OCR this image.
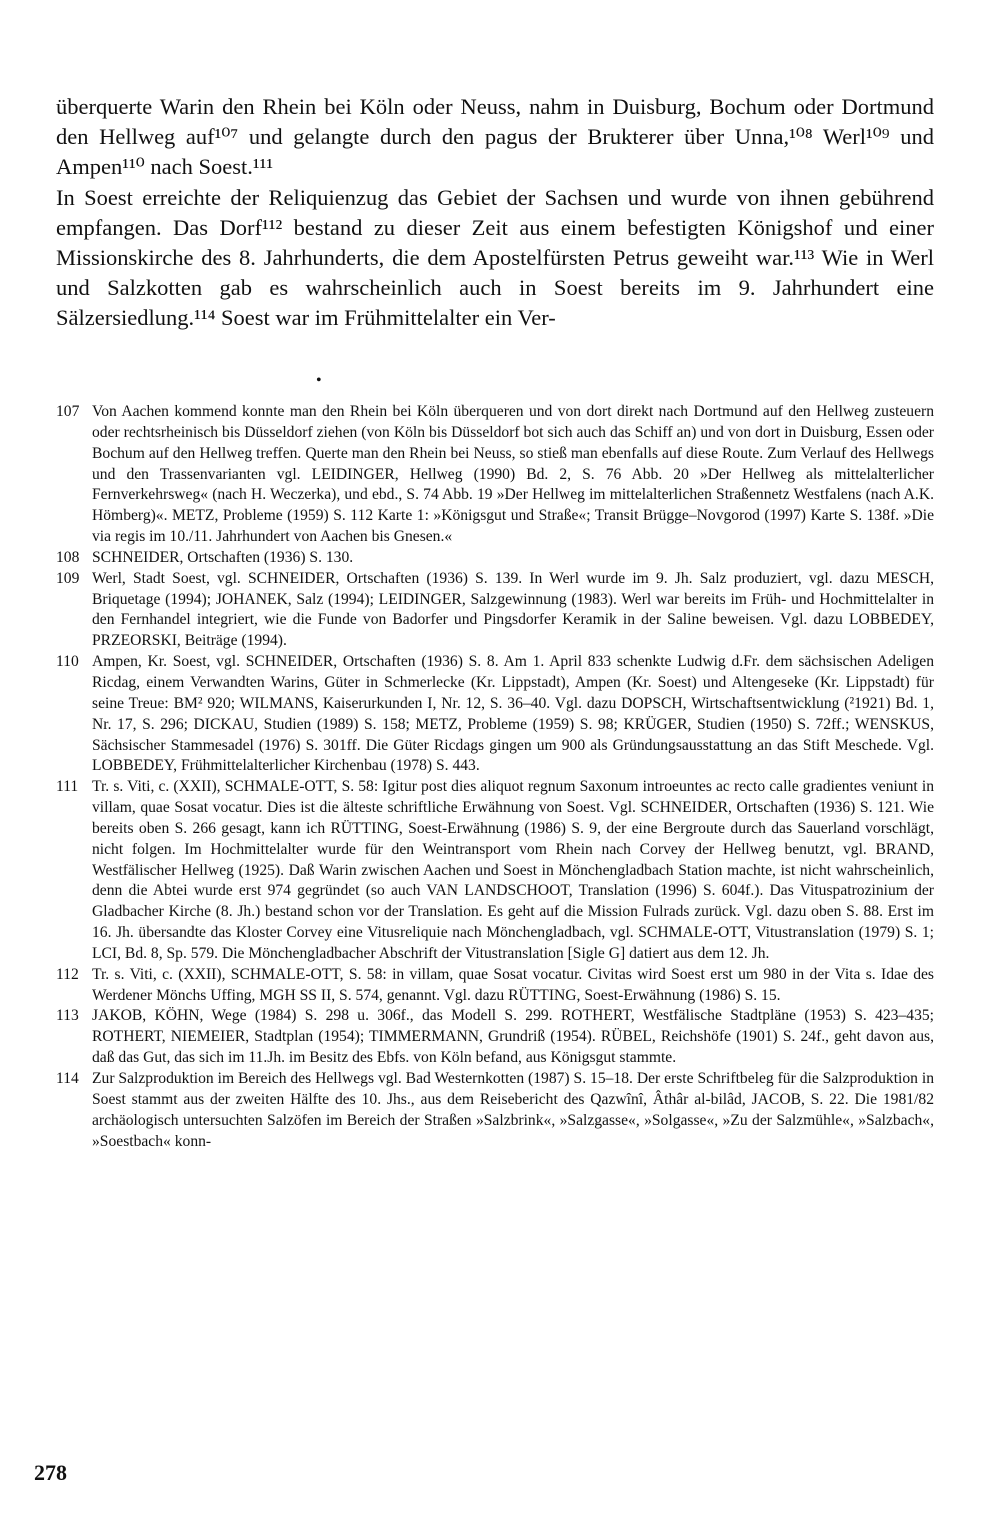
überquerte Warin den Rhein bei Köln oder Neuss, nahm in Duisburg, Bochum oder Dortmund den Hellweg auf¹⁰⁷ und gelangte durch den pagus der Brukterer über Unna,¹⁰⁸ Werl¹⁰⁹ und Ampen¹¹⁰ nach Soest.¹¹¹

In Soest erreichte der Reliquienzug das Gebiet der Sachsen und wurde von ihnen gebührend empfangen. Das Dorf¹¹² bestand zu dieser Zeit aus einem befestigten Königshof und einer Missionskirche des 8. Jahrhunderts, die dem Apostelfürsten Petrus geweiht war.¹¹³ Wie in Werl und Salzkotten gab es wahrscheinlich auch in Soest bereits im 9. Jahrhundert eine Sälzersiedlung.¹¹⁴ Soest war im Frühmittelalter ein Ver-

•
107 Von Aachen kommend konnte man den Rhein bei Köln überqueren und von dort direkt nach Dortmund auf den Hellweg zusteuern oder rechtsrheinisch bis Düsseldorf ziehen (von Köln bis Düsseldorf bot sich auch das Schiff an) und von dort in Duisburg, Essen oder Bochum auf den Hellweg treffen. Querte man den Rhein bei Neuss, so stieß man ebenfalls auf diese Route. Zum Verlauf des Hellwegs und den Trassenvarianten vgl. LEIDINGER, Hellweg (1990) Bd. 2, S. 76 Abb. 20 »Der Hellweg als mittelalterlicher Fernverkehrsweg« (nach H. Weczerka), und ebd., S. 74 Abb. 19 »Der Hellweg im mittelalterlichen Straßennetz Westfalens (nach A.K. Hömberg)«. METZ, Probleme (1959) S. 112 Karte 1: »Königsgut und Straße«; Transit Brügge–Novgorod (1997) Karte S. 138f. »Die via regis im 10./11. Jahrhundert von Aachen bis Gnesen.«
108 SCHNEIDER, Ortschaften (1936) S. 130.
109 Werl, Stadt Soest, vgl. SCHNEIDER, Ortschaften (1936) S. 139. In Werl wurde im 9. Jh. Salz produziert, vgl. dazu MESCH, Briquetage (1994); JOHANEK, Salz (1994); LEIDINGER, Salzgewinnung (1983). Werl war bereits im Früh- und Hochmittelalter in den Fernhandel integriert, wie die Funde von Badorfer und Pingsdorfer Keramik in der Saline beweisen. Vgl. dazu LOBBEDEY, PRZEORSKI, Beiträge (1994).
110 Ampen, Kr. Soest, vgl. SCHNEIDER, Ortschaften (1936) S. 8. Am 1. April 833 schenkte Ludwig d.Fr. dem sächsischen Adeligen Ricdag, einem Verwandten Warins, Güter in Schmerlecke (Kr. Lippstadt), Ampen (Kr. Soest) und Altengeseke (Kr. Lippstadt) für seine Treue: BM² 920; WILMANS, Kaiserurkunden I, Nr. 12, S. 36–40. Vgl. dazu DOPSCH, Wirtschaftsentwicklung (²1921) Bd. 1, Nr. 17, S. 296; DICKAU, Studien (1989) S. 158; METZ, Probleme (1959) S. 98; KRÜGER, Studien (1950) S. 72ff.; WENSKUS, Sächsischer Stammesadel (1976) S. 301ff. Die Güter Ricdags gingen um 900 als Gründungsausstattung an das Stift Meschede. Vgl. LOBBEDEY, Frühmittelalterlicher Kirchenbau (1978) S. 443.
111 Tr. s. Viti, c. (XXII), SCHMALE-OTT, S. 58: Igitur post dies aliquot regnum Saxonum introeuntes ac recto calle gradientes veniunt in villam, quae Sosat vocatur. Dies ist die älteste schriftliche Erwähnung von Soest. Vgl. SCHNEIDER, Ortschaften (1936) S. 121. Wie bereits oben S. 266 gesagt, kann ich RÜTTING, Soest-Erwähnung (1986) S. 9, der eine Bergroute durch das Sauerland vorschlägt, nicht folgen. Im Hochmittelalter wurde für den Weintransport vom Rhein nach Corvey der Hellweg benutzt, vgl. BRAND, Westfälischer Hellweg (1925). Daß Warin zwischen Aachen und Soest in Mönchengladbach Station machte, ist nicht wahrscheinlich, denn die Abtei wurde erst 974 gegründet (so auch VAN LANDSCHOOT, Translation (1996) S. 604f.). Das Vituspatrozinium der Gladbacher Kirche (8. Jh.) bestand schon vor der Translation. Es geht auf die Mission Fulrads zurück. Vgl. dazu oben S. 88. Erst im 16. Jh. übersandte das Kloster Corvey eine Vitusreliquie nach Mönchengladbach, vgl. SCHMALE-OTT, Vitustranslation (1979) S. 1; LCI, Bd. 8, Sp. 579. Die Mönchengladbacher Abschrift der Vitustranslation [Sigle G] datiert aus dem 12. Jh.
112 Tr. s. Viti, c. (XXII), SCHMALE-OTT, S. 58: in villam, quae Sosat vocatur. Civitas wird Soest erst um 980 in der Vita s. Idae des Werdener Mönchs Uffing, MGH SS II, S. 574, genannt. Vgl. dazu RÜTTING, Soest-Erwähnung (1986) S. 15.
113 JAKOB, KÖHN, Wege (1984) S. 298 u. 306f., das Modell S. 299. ROTHERT, Westfälische Stadtpläne (1953) S. 423–435; ROTHERT, NIEMEIER, Stadtplan (1954); TIMMERMANN, Grundriß (1954). RÜBEL, Reichshöfe (1901) S. 24f., geht davon aus, daß das Gut, das sich im 11.Jh. im Besitz des Ebfs. von Köln befand, aus Königsgut stammte.
114 Zur Salzproduktion im Bereich des Hellwegs vgl. Bad Westernkotten (1987) S. 15–18. Der erste Schriftbeleg für die Salzproduktion in Soest stammt aus der zweiten Hälfte des 10. Jhs., aus dem Reisebericht des Qazwînî, Âthâr al-bilâd, JACOB, S. 22. Die 1981/82 archäologisch untersuchten Salzöfen im Bereich der Straßen »Salzbrink«, »Salzgasse«, »Solgasse«, »Zu der Salzmühle«, »Salzbach«, »Soestbach« konn-
278
